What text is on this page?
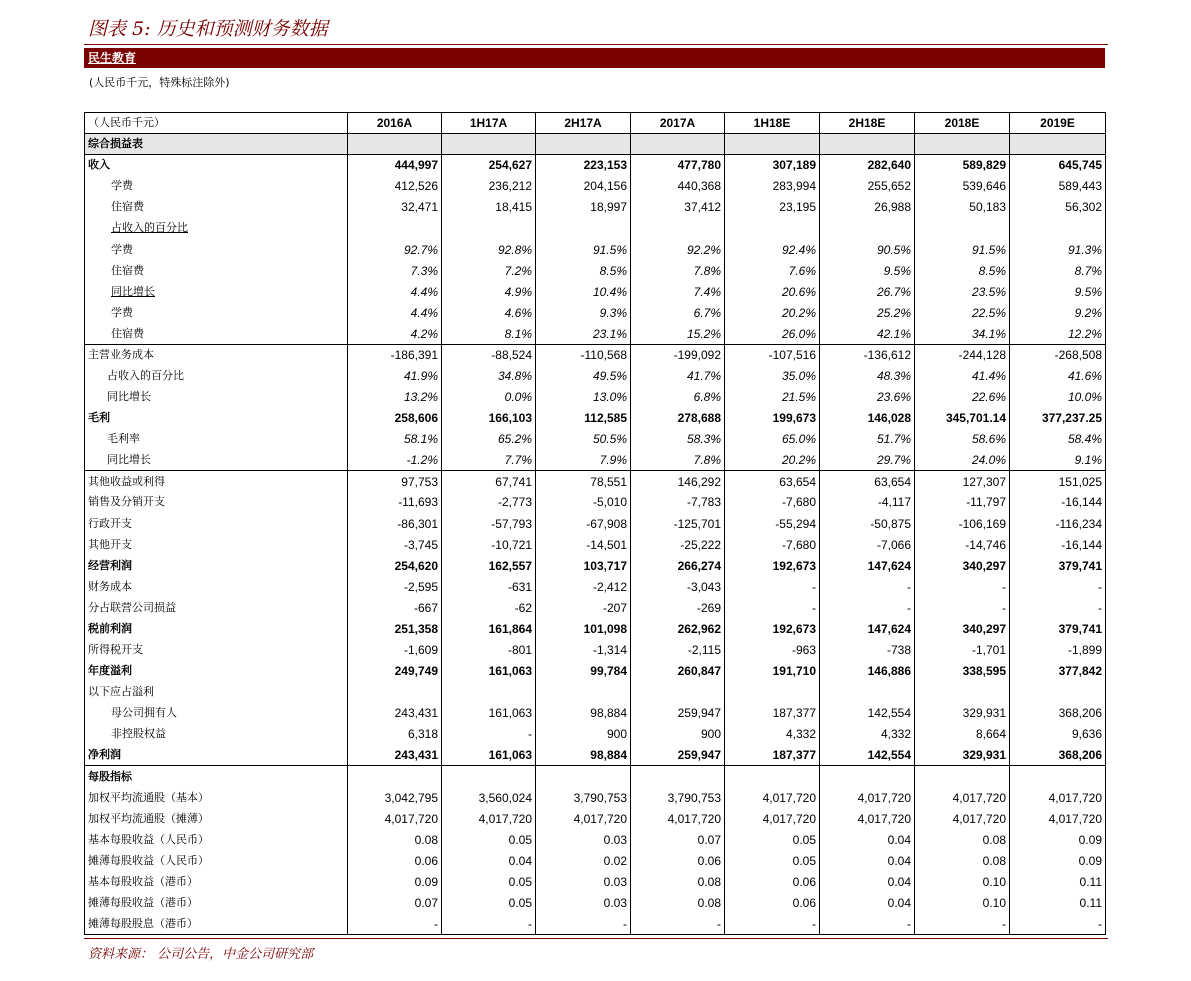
图表 5: 历史和预测财务数据
民生教育
(人民币千元，特殊标注除外)
（人民币千元）	2016A	1H17A	2H17A	2017A	1H18E	2H18E	2018E	2019E
综合损益表								
收入	444,997	254,627	223,153	477,780	307,189	282,640	589,829	645,745
学费	412,526	236,212	204,156	440,368	283,994	255,652	539,646	589,443
住宿费	32,471	18,415	18,997	37,412	23,195	26,988	50,183	56,302
占收入的百分比								
学费	92.7%	92.8%	91.5%	92.2%	92.4%	90.5%	91.5%	91.3%
住宿费	7.3%	7.2%	8.5%	7.8%	7.6%	9.5%	8.5%	8.7%
同比增长	4.4%	4.9%	10.4%	7.4%	20.6%	26.7%	23.5%	9.5%
学费	4.4%	4.6%	9.3%	6.7%	20.2%	25.2%	22.5%	9.2%
住宿费	4.2%	8.1%	23.1%	15.2%	26.0%	42.1%	34.1%	12.2%
主营业务成本	-186,391	-88,524	-110,568	-199,092	-107,516	-136,612	-244,128	-268,508
占收入的百分比	41.9%	34.8%	49.5%	41.7%	35.0%	48.3%	41.4%	41.6%
同比增长	13.2%	0.0%	13.0%	6.8%	21.5%	23.6%	22.6%	10.0%
毛利	258,606	166,103	112,585	278,688	199,673	146,028	345,701.14	377,237.25
毛利率	58.1%	65.2%	50.5%	58.3%	65.0%	51.7%	58.6%	58.4%
同比增长	-1.2%	7.7%	7.9%	7.8%	20.2%	29.7%	24.0%	9.1%
其他收益或利得	97,753	67,741	78,551	146,292	63,654	63,654	127,307	151,025
销售及分销开支	-11,693	-2,773	-5,010	-7,783	-7,680	-4,117	-11,797	-16,144
行政开支	-86,301	-57,793	-67,908	-125,701	-55,294	-50,875	-106,169	-116,234
其他开支	-3,745	-10,721	-14,501	-25,222	-7,680	-7,066	-14,746	-16,144
经营利润	254,620	162,557	103,717	266,274	192,673	147,624	340,297	379,741
财务成本	-2,595	-631	-2,412	-3,043	-	-	-	-
分占联营公司损益	-667	-62	-207	-269	-	-	-	-
税前利润	251,358	161,864	101,098	262,962	192,673	147,624	340,297	379,741
所得税开支	-1,609	-801	-1,314	-2,115	-963	-738	-1,701	-1,899
年度溢利	249,749	161,063	99,784	260,847	191,710	146,886	338,595	377,842
以下应占溢利								
母公司拥有人	243,431	161,063	98,884	259,947	187,377	142,554	329,931	368,206
非控股权益	6,318	-	900	900	4,332	4,332	8,664	9,636
净利润	243,431	161,063	98,884	259,947	187,377	142,554	329,931	368,206
每股指标								
加权平均流通股（基本）	3,042,795	3,560,024	3,790,753	3,790,753	4,017,720	4,017,720	4,017,720	4,017,720
加权平均流通股（摊薄）	4,017,720	4,017,720	4,017,720	4,017,720	4,017,720	4,017,720	4,017,720	4,017,720
基本每股收益（人民币）	0.08	0.05	0.03	0.07	0.05	0.04	0.08	0.09
摊薄每股收益（人民币）	0.06	0.04	0.02	0.06	0.05	0.04	0.08	0.09
基本每股收益（港币）	0.09	0.05	0.03	0.08	0.06	0.04	0.10	0.11
摊薄每股收益（港币）	0.07	0.05	0.03	0.08	0.06	0.04	0.10	0.11
摊薄每股股息（港币）	-	-	-	-	-	-	-	-
资料来源： 公司公告，中金公司研究部
